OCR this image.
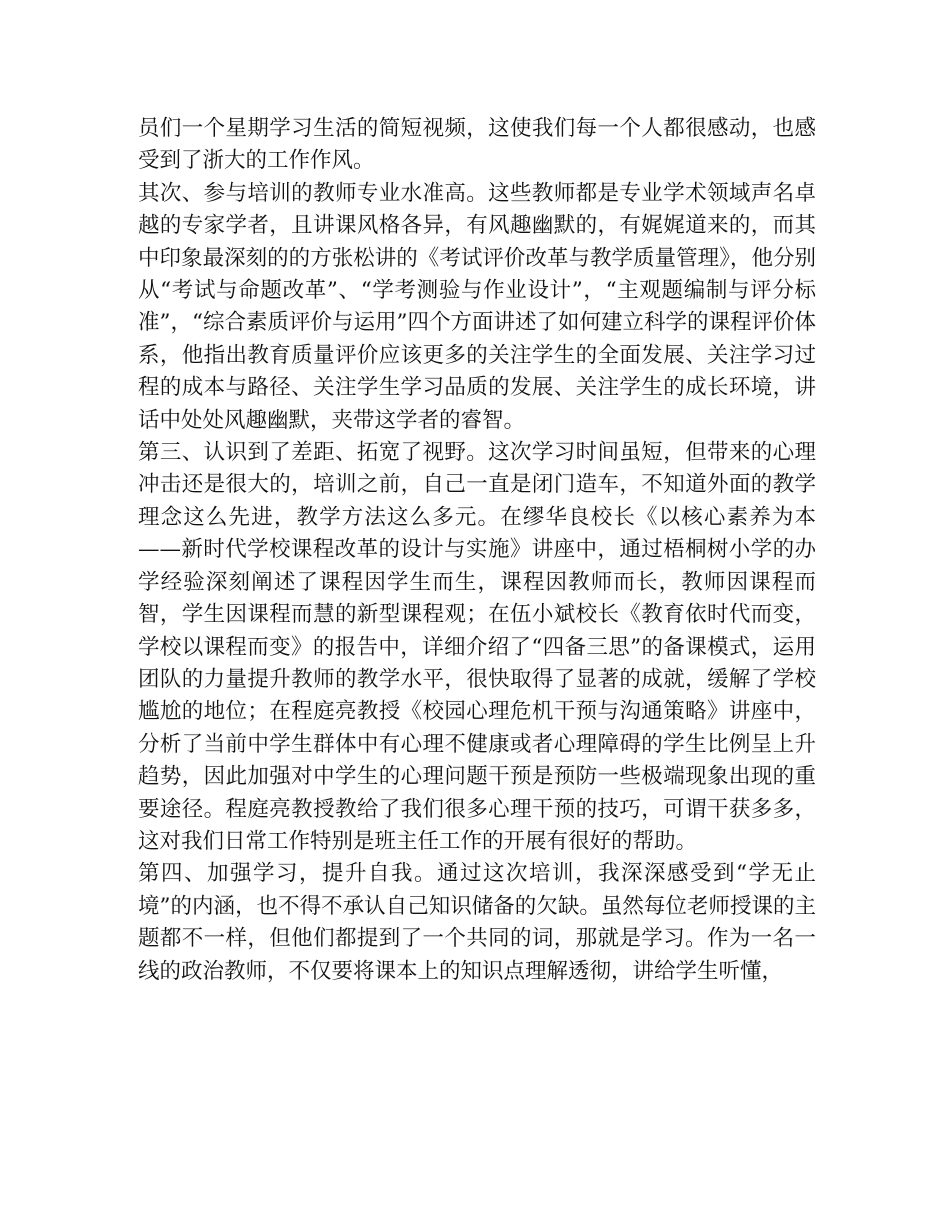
员们一个星期学习生活的简短视频，这使我们每一个人都很感动，也感受到了浙大的工作作风。

其次、参与培训的教师专业水准高。这些教师都是专业学术领域声名卓越的专家学者，且讲课风格各异，有风趣幽默的，有娓娓道来的，而其中印象最深刻的的方张松讲的《考试评价改革与教学质量管理》，他分别从“考试与命题改革”、“学考测验与作业设计”，“主观题编制与评分标准”，“综合素质评价与运用”四个方面讲述了如何建立科学的课程评价体系，他指出教育质量评价应该更多的关注学生的全面发展、关注学习过程的成本与路径、关注学生学习品质的发展、关注学生的成长环境，讲话中处处风趣幽默，夹带这学者的睿智。

第三、认识到了差距、拓宽了视野。这次学习时间虽短，但带来的心理冲击还是很大的，培训之前，自己一直是闭门造车，不知道外面的教学理念这么先进，教学方法这么多元。在缪华良校长《以核心素养为本——新时代学校课程改革的设计与实施》讲座中，通过梧桐树小学的办学经验深刻阐述了课程因学生而生，课程因教师而长，教师因课程而智，学生因课程而慧的新型课程观；在伍小斌校长《教育依时代而变，学校以课程而变》的报告中，详细介绍了“四备三思”的备课模式，运用团队的力量提升教师的教学水平，很快取得了显著的成就，缓解了学校尴尬的地位；在程庭亮教授《校园心理危机干预与沟通策略》讲座中，分析了当前中学生群体中有心理不健康或者心理障碍的学生比例呈上升趋势，因此加强对中学生的心理问题干预是预防一些极端现象出现的重要途径。程庭亮教授教给了我们很多心理干预的技巧，可谓干获多多，这对我们日常工作特别是班主任工作的开展有很好的帮助。

第四、加强学习，提升自我。通过这次培训，我深深感受到“学无止境”的内涵，也不得不承认自己知识储备的欠缺。虽然每位老师授课的主题都不一样，但他们都提到了一个共同的词，那就是学习。作为一名一线的政治教师，不仅要将课本上的知识点理解透彻，讲给学生听懂，
